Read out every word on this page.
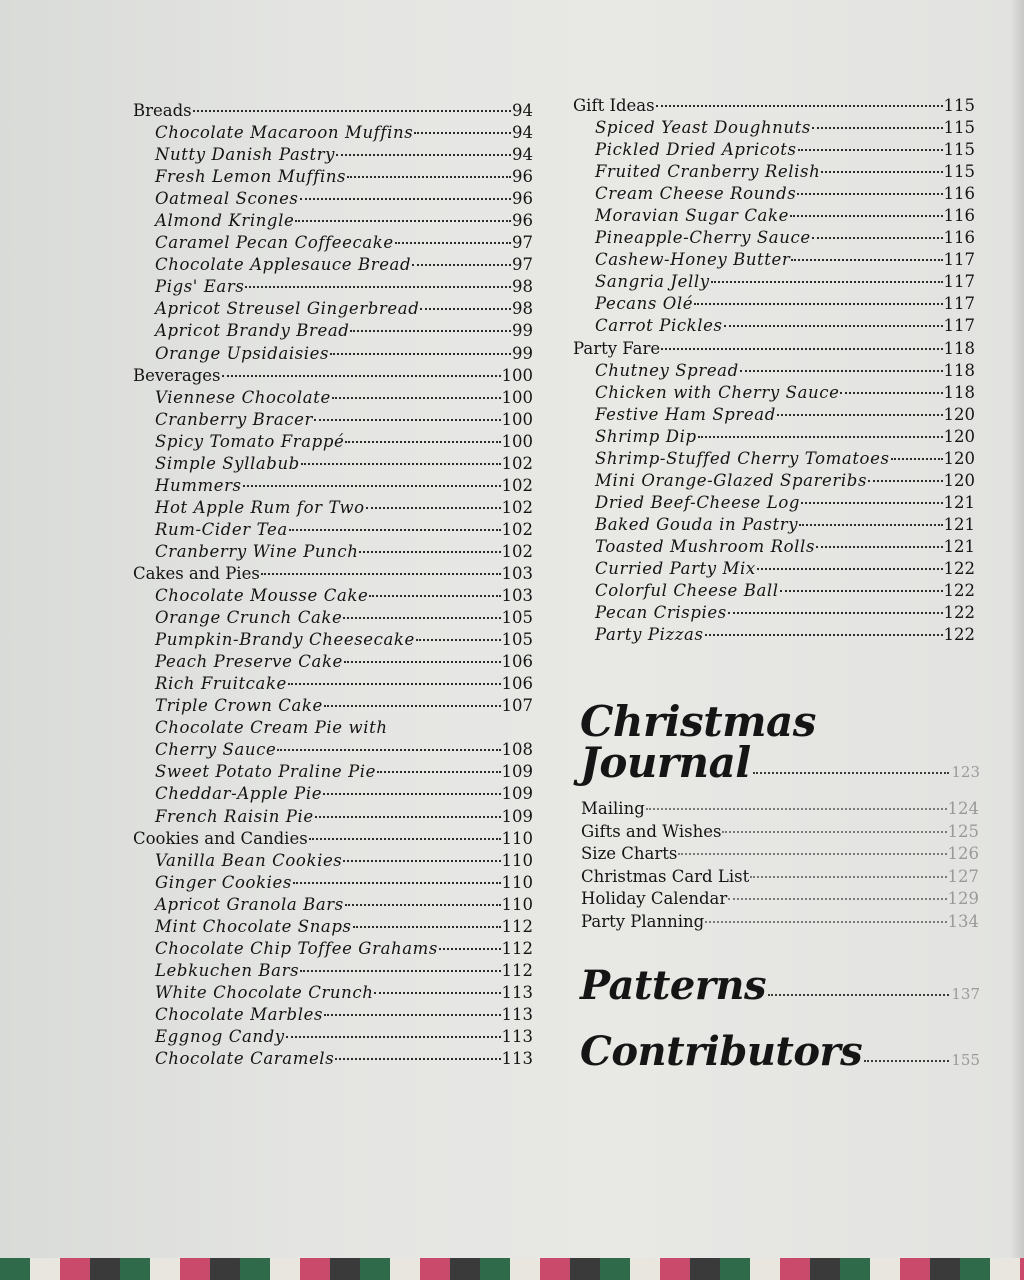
Breads	94
Chocolate Macaroon Muffins	94
Nutty Danish Pastry	94
Fresh Lemon Muffins	96
Oatmeal Scones	96
Almond Kringle	96
Caramel Pecan Coffeecake	97
Chocolate Applesauce Bread	97
Pigs' Ears	98
Apricot Streusel Gingerbread	98
Apricot Brandy Bread	99
Orange Upsidaisies	99
Beverages	100
Viennese Chocolate	100
Cranberry Bracer	100
Spicy Tomato Frappé	100
Simple Syllabub	102
Hummers	102
Hot Apple Rum for Two	102
Rum-Cider Tea	102
Cranberry Wine Punch	102
Cakes and Pies	103
Chocolate Mousse Cake	103
Orange Crunch Cake	105
Pumpkin-Brandy Cheesecake	105
Peach Preserve Cake	106
Rich Fruitcake	106
Triple Crown Cake	107
Chocolate Cream Pie with
Cherry Sauce	108
Sweet Potato Praline Pie	109
Cheddar-Apple Pie	109
French Raisin Pie	109
Cookies and Candies	110
Vanilla Bean Cookies	110
Ginger Cookies	110
Apricot Granola Bars	110
Mint Chocolate Snaps	112
Chocolate Chip Toffee Grahams	112
Lebkuchen Bars	112
White Chocolate Crunch	113
Chocolate Marbles	113
Eggnog Candy	113
Chocolate Caramels	113
Gift Ideas	115
Spiced Yeast Doughnuts	115
Pickled Dried Apricots	115
Fruited Cranberry Relish	115
Cream Cheese Rounds	116
Moravian Sugar Cake	116
Pineapple-Cherry Sauce	116
Cashew-Honey Butter	117
Sangria Jelly	117
Pecans Olé	117
Carrot Pickles	117
Party Fare	118
Chutney Spread	118
Chicken with Cherry Sauce	118
Festive Ham Spread	120
Shrimp Dip	120
Shrimp-Stuffed Cherry Tomatoes	120
Mini Orange-Glazed Spareribs	120
Dried Beef-Cheese Log	121
Baked Gouda in Pastry	121
Toasted Mushroom Rolls	121
Curried Party Mix	122
Colorful Cheese Ball	122
Pecan Crispies	122
Party Pizzas	122
Christmas
Journal	123
Mailing	124
Gifts and Wishes	125
Size Charts	126
Christmas Card List	127
Holiday Calendar	129
Party Planning	134
Patterns	137
Contributors	155
